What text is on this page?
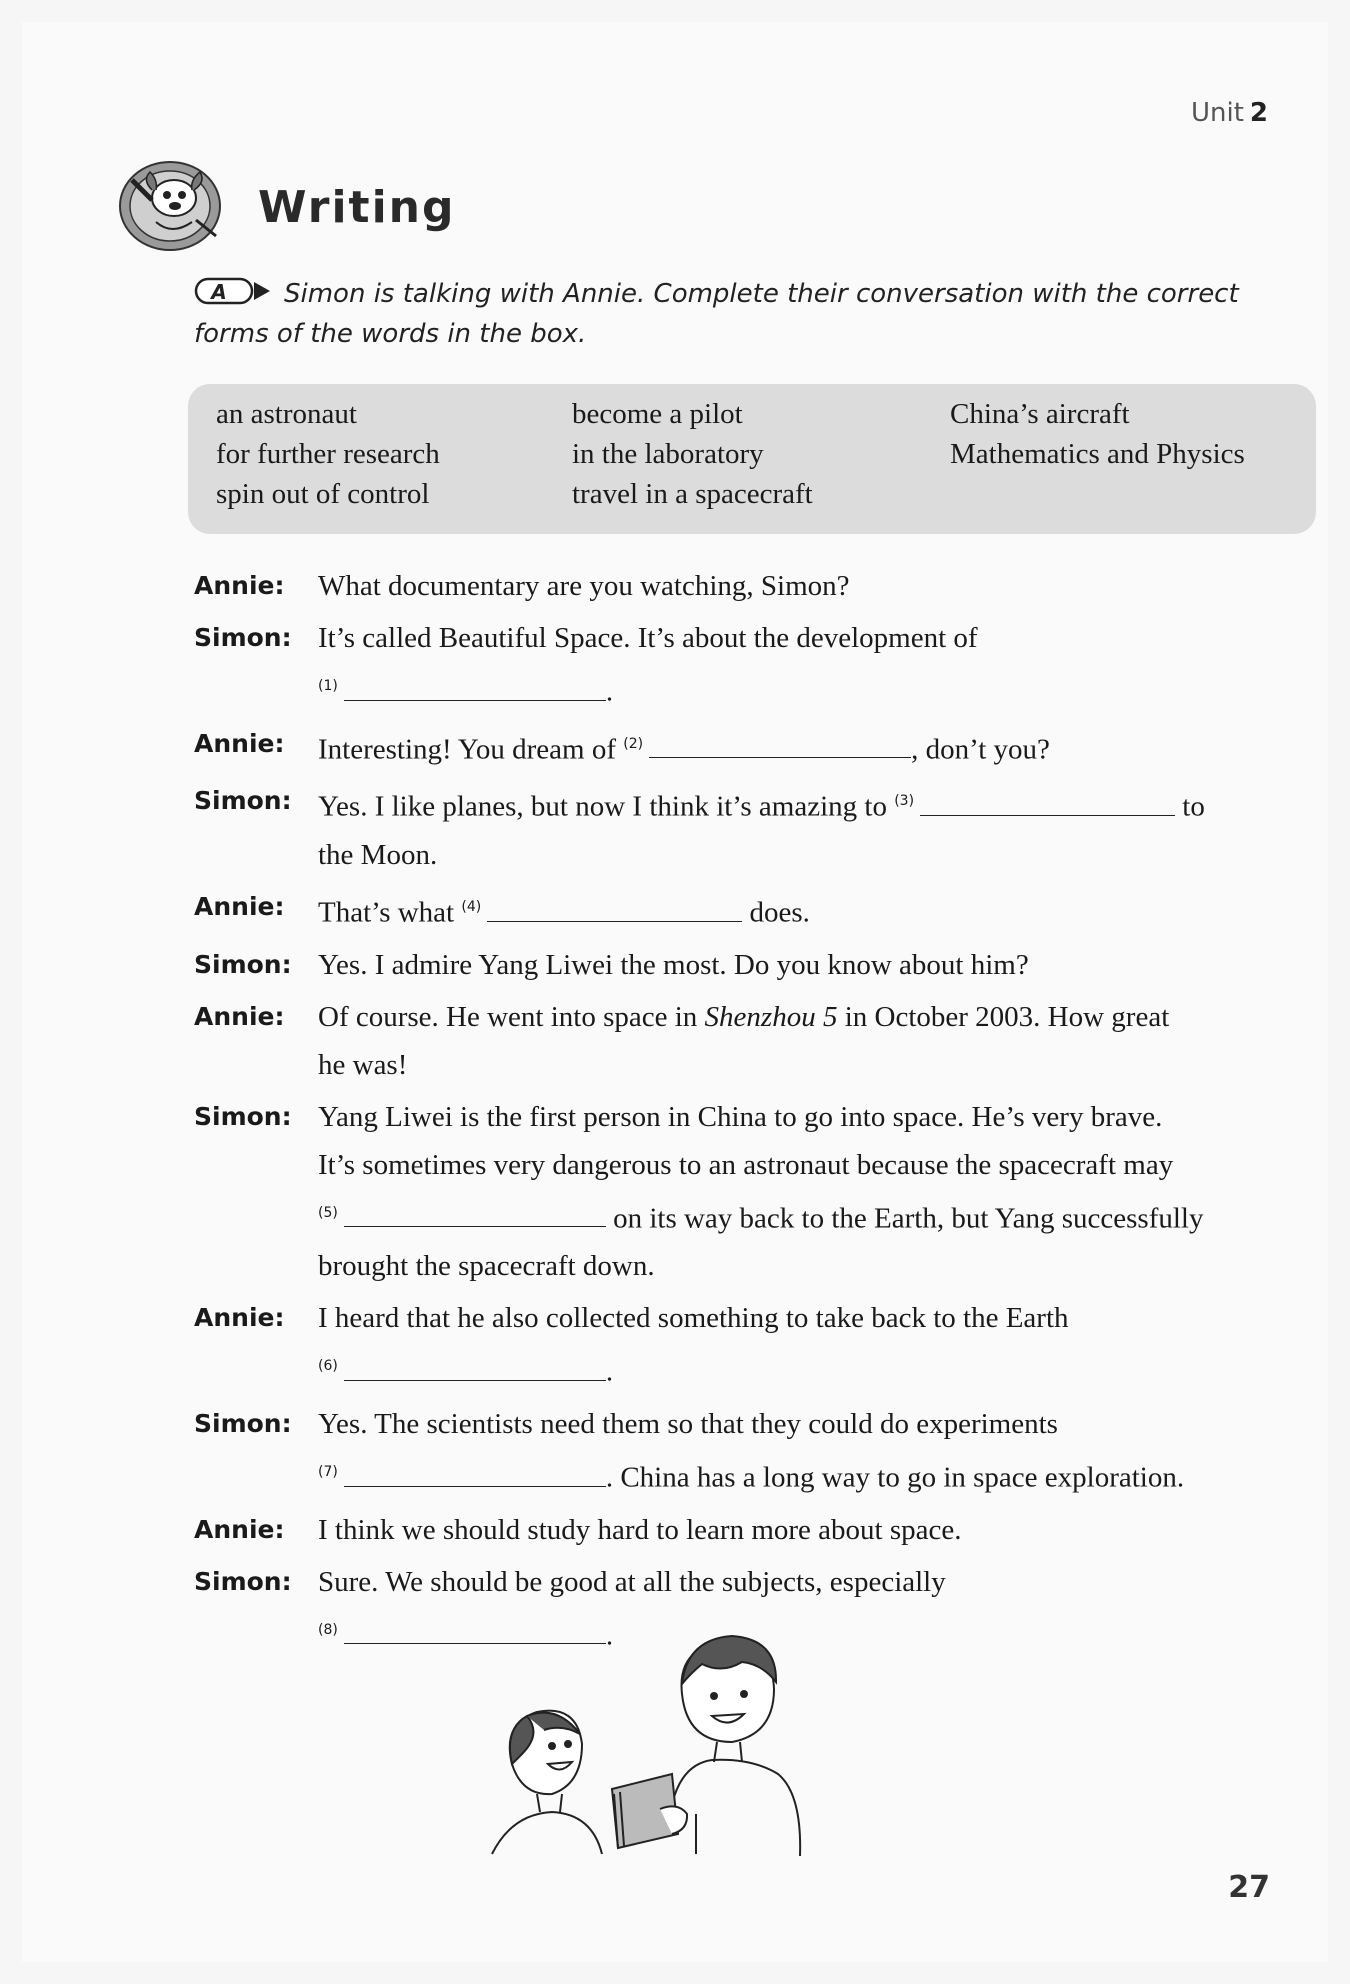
Unit 2
Writing
A Simon is talking with Annie. Complete their conversation with the correct forms of the words in the box.
an astronaut
for further research
spin out of control
become a pilot
in the laboratory
travel in a spacecraft
China’s aircraft
Mathematics and Physics
Annie:	What documentary are you watching, Simon?
Simon: It’s called Beautiful Space. It’s about the development of
$^{(1)}$	.
Annie:	Interesting! You dream of $^{(2)}$	, don’t you?
Simon: Yes. I like planes, but now I think it’s amazing to $^{(3)}$	to
the Moon.
Annie:	That’s what $^{(4)}$	does.
Simon: Yes. I admire Yang Liwei the most. Do you know about him?
Annie:	Of course. He went into space in Shenzhou 5 in October 2003. How great
he was!
Simon: Yang Liwei is the first person in China to go into space. He’s very brave.
It’s sometimes very dangerous to an astronaut because the spacecraft may
$^{(5)}$	on its way back to the Earth, but Yang successfully
brought the spacecraft down.
Annie:	I heard that he also collected something to take back to the Earth
$^{(6)}$	.
Simon: Yes. The scientists need them so that they could do experiments
$^{(7)}$	. China has a long way to go in space exploration.
Annie:	I think we should study hard to learn more about space.
Simon: Sure. We should be good at all the subjects, especially
$^{(8)}$	.
27
